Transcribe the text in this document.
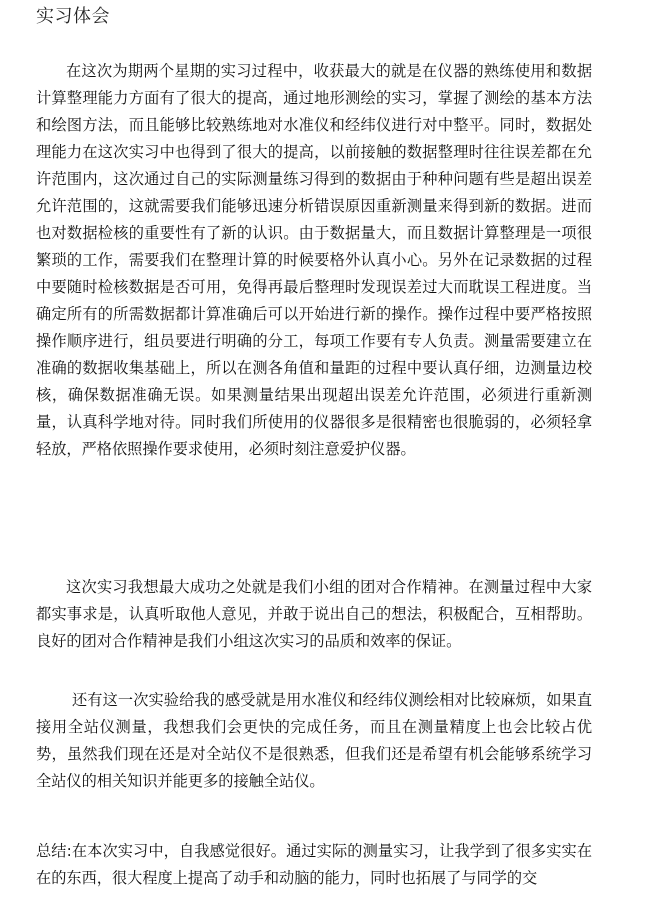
实习体会

在这次为期两个星期的实习过程中，收获最大的就是在仪器的熟练使用和数据计算整理能力方面有了很大的提高，通过地形测绘的实习，掌握了测绘的基本方法和绘图方法，而且能够比较熟练地对水准仪和经纬仪进行对中整平。同时，数据处理能力在这次实习中也得到了很大的提高，以前接触的数据整理时往往误差都在允许范围内，这次通过自己的实际测量练习得到的数据由于种种问题有些是超出误差允许范围的，这就需要我们能够迅速分析错误原因重新测量来得到新的数据。进而也对数据检核的重要性有了新的认识。由于数据量大，而且数据计算整理是一项很繁琐的工作，需要我们在整理计算的时候要格外认真小心。另外在记录数据的过程中要随时检核数据是否可用，免得再最后整理时发现误差过大而耽误工程进度。当确定所有的所需数据都计算准确后可以开始进行新的操作。操作过程中要严格按照操作顺序进行，组员要进行明确的分工，每项工作要有专人负责。测量需要建立在准确的数据收集基础上，所以在测各角值和量距的过程中要认真仔细，边测量边校核，确保数据准确无误。如果测量结果出现超出误差允许范围，必须进行重新测量，认真科学地对待。同时我们所使用的仪器很多是很精密也很脆弱的，必须轻拿轻放，严格依照操作要求使用，必须时刻注意爱护仪器。

这次实习我想最大成功之处就是我们小组的团对合作精神。在测量过程中大家都实事求是，认真听取他人意见，并敢于说出自己的想法，积极配合，互相帮助。良好的团对合作精神是我们小组这次实习的品质和效率的保证。

还有这一次实验给我的感受就是用水准仪和经纬仪测绘相对比较麻烦，如果直接用全站仪测量，我想我们会更快的完成任务，而且在测量精度上也会比较占优势，虽然我们现在还是对全站仪不是很熟悉，但我们还是希望有机会能够系统学习全站仪的相关知识并能更多的接触全站仪。

总结:在本次实习中，自我感觉很好。通过实际的测量实习，让我学到了很多实实在在的东西，很大程度上提高了动手和动脑的能力，同时也拓展了与同学的交
